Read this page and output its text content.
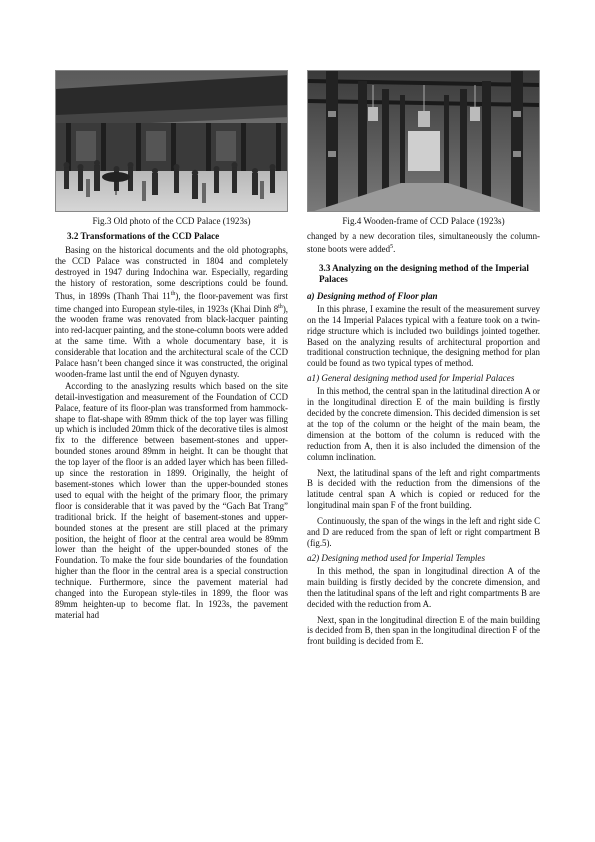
Fig.3 Old photo of the CCD Palace (1923s)
3.2 Transformations of the CCD Palace

Basing on the historical documents and the old photographs, the CCD Palace was constructed in 1804 and completely destroyed in 1947 during Indochina war. Especially, regarding the history of restoration, some descriptions could be found. Thus, in 1899s (Thanh Thai 11th), the floor-pavement was first time changed into European style-tiles, in 1923s (Khai Dinh 8th), the wooden frame was renovated from black-lacquer painting into red-lacquer painting, and the stone-column boots were added at the same time. With a whole documentary base, it is considerable that location and the architectural scale of the CCD Palace hasn’t been changed since it was constructed, the original wooden-frame last until the end of Nguyen dynasty.

According to the anaslyzing results which based on the site detail-investigation and measurement of the Foundation of CCD Palace, feature of its floor-plan was transformed from hammock-shape to flat-shape with 89mm thick of the top layer was filling up which is included 20mm thick of the decorative tiles is almost fix to the difference between basement-stones and upper-bounded stones around 89mm in height. It can be thought that the top layer of the floor is an added layer which has been filled-up since the restoration in 1899. Originally, the height of basement-stones which lower than the upper-bounded stones used to equal with the height of the primary floor, the primary floor is considerable that it was paved by the “Gach Bat Trang” traditional brick. If the height of basement-stones and upper-bounded stones at the present are still placed at the primary position, the height of floor at the central area would be 89mm lower than the height of the upper-bounded stones of the Foundation. To make the four side boundaries of the foundation higher than the floor in the central area is a special construction technique. Furthermore, since the pavement material had changed into the European style-tiles in 1899, the floor was 89mm heighten-up to become flat. In 1923s, the pavement material had

Fig.4 Wooden-frame of CCD Palace (1923s)

changed by a new decoration tiles, simultaneously the column-stone boots were added$^5$.

3.3 Analyzing on the designing method of the Imperial Palaces
a) Designing method of Floor plan

In this phrase, I examine the result of the measurement survey on the 14 Imperial Palaces typical with a feature took on a twin-ridge structure which is included two buildings jointed together. Based on the analyzing results of architectural proportion and traditional construction technique, the designing method for plan could be found as two typical types of method.

a1) General designing method used for Imperial Palaces

In this method, the central span in the latitudinal direction A or in the longitudinal direction E of the main building is firstly decided by the concrete dimension. This decided dimension is set at the top of the column or the height of the main beam, the dimension at the bottom of the column is reduced with the reduction from A, then it is also included the dimension of the column inclination.

Next, the latitudinal spans of the left and right compartments B is decided with the reduction from the dimensions of the latitude central span A which is copied or reduced for the longitudinal main span F of the front building.

Continuously, the span of the wings in the left and right side C and D are reduced from the span of left or right compartment B (fig.5).

a2) Designing method used for Imperial Temples

In this method, the span in longitudinal direction A of the main building is firstly decided by the concrete dimension, and then the latitudinal spans of the left and right compartments B are decided with the reduction from A.

Next, span in the longitudinal direction E of the main building is decided from B, then span in the longitudinal direction F of the front building is decided from E.
